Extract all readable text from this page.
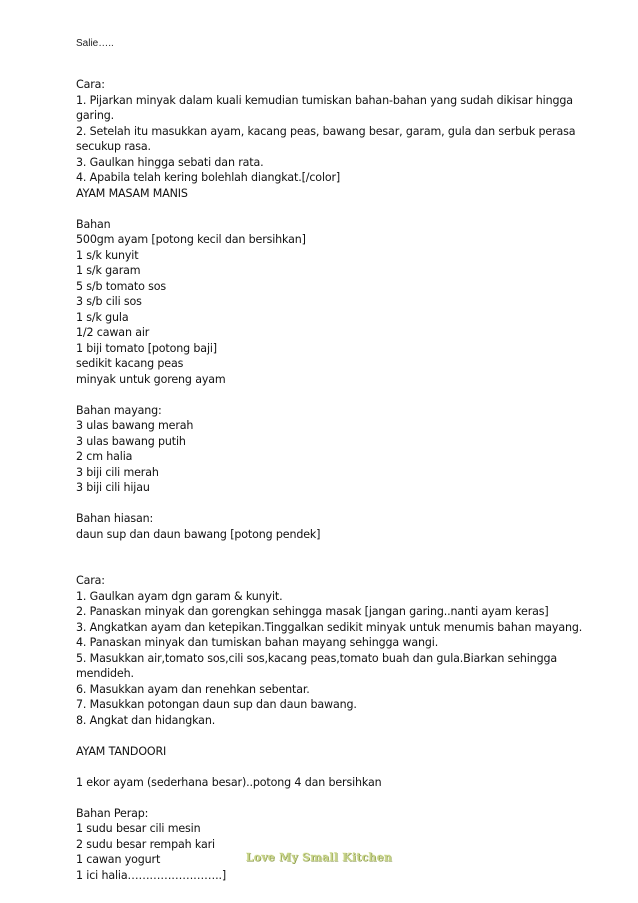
Salie…..
Cara:
1. Pijarkan minyak dalam kuali kemudian tumiskan bahan-bahan yang sudah dikisar hingga
garing.
2. Setelah itu masukkan ayam, kacang peas, bawang besar, garam, gula dan serbuk perasa
secukup rasa.
3. Gaulkan hingga sebati dan rata.
4. Apabila telah kering bolehlah diangkat.[/color]
AYAM MASAM MANIS
Bahan
500gm ayam [potong kecil dan bersihkan]
1 s/k kunyit
1 s/k garam
5 s/b tomato sos
3 s/b cili sos
1 s/k gula
1/2 cawan air
1 biji tomato [potong baji]
sedikit kacang peas
minyak untuk goreng ayam
Bahan mayang:
3 ulas bawang merah
3 ulas bawang putih
2 cm halia
3 biji cili merah
3 biji cili hijau
Bahan hiasan:
daun sup dan daun bawang [potong pendek]
Cara:
1. Gaulkan ayam dgn garam & kunyit.
2. Panaskan minyak dan gorengkan sehingga masak [jangan garing..nanti ayam keras]
3. Angkatkan ayam dan ketepikan.Tinggalkan sedikit minyak untuk menumis bahan mayang.
4. Panaskan minyak dan tumiskan bahan mayang sehingga wangi.
5. Masukkan air,tomato sos,cili sos,kacang peas,tomato buah dan gula.Biarkan sehingga
mendideh.
6. Masukkan ayam dan renehkan sebentar.
7. Masukkan potongan daun sup dan daun bawang.
8. Angkat dan hidangkan.
AYAM TANDOORI
1 ekor ayam (sederhana besar)..potong 4 dan bersihkan
Bahan Perap:
1 sudu besar cili mesin
2 sudu besar rempah kari
1 cawan yogurt
1 ici halia……………………..]
Love My Small Kitchen
